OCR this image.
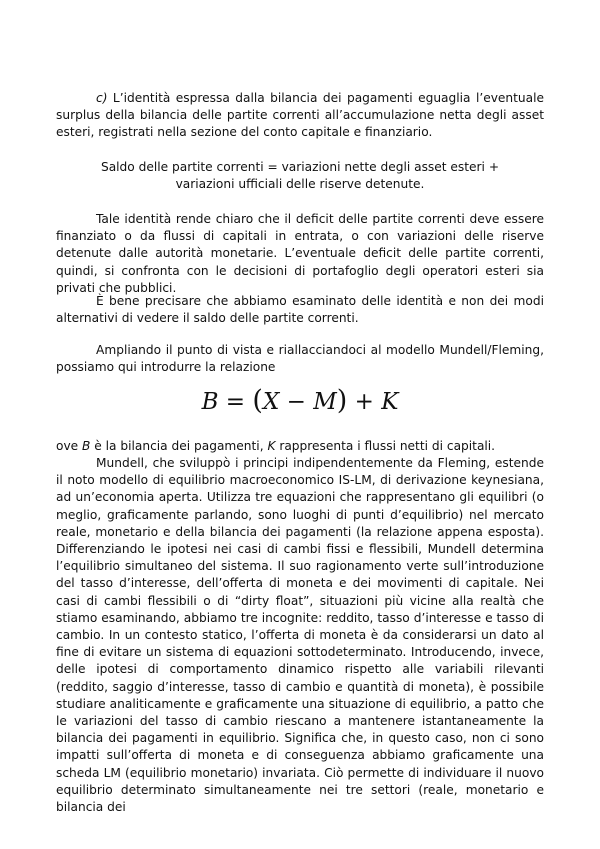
c) L’identità espressa dalla bilancia dei pagamenti eguaglia l’eventuale surplus della bilancia delle partite correnti all’accumulazione netta degli asset esteri, registrati nella sezione del conto capitale e finanziario.

Saldo delle partite correnti = variazioni nette degli asset esteri +

variazioni ufficiali delle riserve detenute.

Tale identità rende chiaro che il deficit delle partite correnti deve essere finanziato o da flussi di capitali in entrata, o con variazioni delle riserve detenute dalle autorità monetarie. L’eventuale deficit delle partite correnti, quindi, si confronta con le decisioni di portafoglio degli operatori esteri sia privati che pubblici.

È bene precisare che abbiamo esaminato delle identità e non dei modi alternativi di vedere il saldo delle partite correnti.

Ampliando il punto di vista e riallacciandoci al modello Mundell/Fleming, possiamo qui introdurre la relazione

B = (X − M) + K

ove B è la bilancia dei pagamenti, K rappresenta i flussi netti di capitali.

Mundell, che sviluppò i principi indipendentemente da Fleming, estende il noto modello di equilibrio macroeconomico IS-LM, di derivazione keynesiana, ad un’economia aperta. Utilizza tre equazioni che rappresentano gli equilibri (o meglio, graficamente parlando, sono luoghi di punti d’equilibrio) nel mercato reale, monetario e della bilancia dei pagamenti (la relazione appena esposta). Differenziando le ipotesi nei casi di cambi fissi e flessibili, Mundell determina l’equilibrio simultaneo del sistema. Il suo ragionamento verte sull’introduzione del tasso d’interesse, dell’offerta di moneta e dei movimenti di capitale. Nei casi di cambi flessibili o di “dirty float”, situazioni più vicine alla realtà che stiamo esaminando, abbiamo tre incognite: reddito, tasso d’interesse e tasso di cambio. In un contesto statico, l’offerta di moneta è da considerarsi un dato al fine di evitare un sistema di equazioni sottodeterminato. Introducendo, invece, delle ipotesi di comportamento dinamico rispetto alle variabili rilevanti (reddito, saggio d’interesse, tasso di cambio e quantità di moneta), è possibile studiare analiticamente e graficamente una situazione di equilibrio, a patto che le variazioni del tasso di cambio riescano a mantenere istantaneamente la bilancia dei pagamenti in equilibrio. Significa che, in questo caso, non ci sono impatti sull’offerta di moneta e di conseguenza abbiamo graficamente una scheda LM (equilibrio monetario) invariata. Ciò permette di individuare il nuovo equilibrio determinato simultaneamente nei tre settori (reale, monetario e bilancia dei
